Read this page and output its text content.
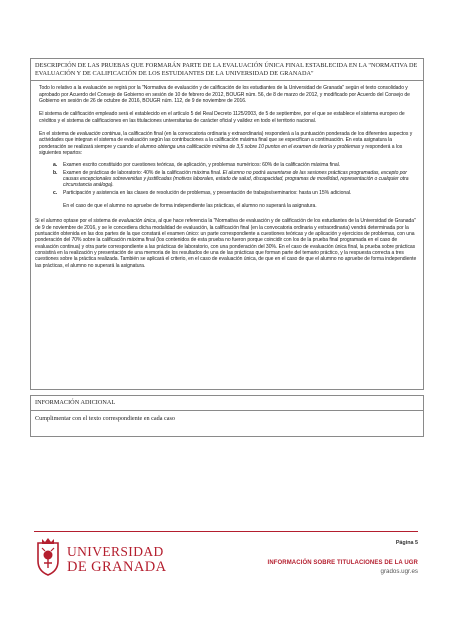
DESCRIPCIÓN DE LAS PRUEBAS QUE FORMARÁN PARTE DE LA EVALUACIÓN ÚNICA FINAL ESTABLECIDA EN LA "NORMATIVA DE EVALUACIÓN Y DE CALIFICACIÓN DE LOS ESTUDIANTES DE LA UNIVERSIDAD DE GRANADA"

Todo lo relativo a la evaluación se regirá por la "Normativa de evaluación y de calificación de los estudiantes de la Universidad de Granada" según el texto consolidado y aprobado por Acuerdo del Consejo de Gobierno en sesión de 10 de febrero de 2012, BOUGR núm. 56, de 8 de marzo de 2012, y modificado por Acuerdo del Consejo de Gobierno en sesión de 26 de octubre de 2016, BOUGR núm. 112, de 9 de noviembre de 2016.

El sistema de calificación empleado será el establecido en el artículo 5 del Real Decreto 1125/2003, de 5 de septiembre, por el que se establece el sistema europeo de créditos y el sistema de calificaciones en las titulaciones universitarias de carácter oficial y validez en todo el territorio nacional.

En el sistema de evaluación continua, la calificación final (en la convocatoria ordinaria y extraordinaria) responderá a la puntuación ponderada de los diferentes aspectos y actividades que integran el sistema de evaluación según las contribuciones a la calificación máxima final que se especifican a continuación. En esta asignatura la ponderación se realizará siempre y cuando el alumno obtenga una calificación mínima de 3,5 sobre 10 puntos en el examen de teoría y problemas y responderá a los siguientes repartos:

a.	Examen escrito constituido por cuestiones teóricas, de aplicación, y problemas numéricos: 60% de la calificación máxima final.
b.	Examen de prácticas de laboratorio: 40% de la calificación máxima final. El alumno no podrá ausentarse de las sesiones prácticas programadas, excepto por causas excepcionales sobrevenidas y justificadas (motivos laborales, estado de salud, discapacidad, programas de movilidad, representación o cualquier otra circunstancia análoga).
c.	Participación y asistencia en las clases de resolución de problemas, y presentación de trabajos/seminarios: hasta un 15% adicional.

En el caso de que el alumno no apruebe de forma independiente las prácticas, el alumno no superará la asignatura.

Si el alumno optase por el sistema de evaluación única, al que hace referencia la "Normativa de evaluación y de calificación de los estudiantes de la Universidad de Granada" de 9 de noviembre de 2016, y se le concediera dicha modalidad de evaluación, la calificación final (en la convocatoria ordinaria y extraordinaria) vendrá determinada por la puntuación obtenida en las dos partes de la que constará el examen único: un parte correspondiente a cuestiones teóricas y de aplicación y ejercicios de problemas, con una ponderación del 70% sobre la calificación máxima final (los contenidos de esta prueba no fueron porque coincidir con los de la prueba final programada en el caso de evaluación continua) y otra parte correspondiente a las prácticas de laboratorio, con una ponderación del 30%. En el caso de evaluación única final, la prueba sobre prácticas consistirá en la realización y presentación de una memoria de los resultados de una de las prácticas que forman parte del temario práctico, y la respuesta correcta a tres cuestiones sobre la práctica realizada. También se aplicará el criterio, en el caso de evaluación única, de que en el caso de que el alumno no apruebe de forma independiente las prácticas, el alumno no superará la asignatura.

INFORMACIÓN ADICIONAL
Cumplimentar con el texto correspondiente en cada caso
UNIVERSIDAD
DE GRANADA
Página 5
INFORMACIÓN SOBRE TITULACIONES DE LA UGR
grados.ugr.es
